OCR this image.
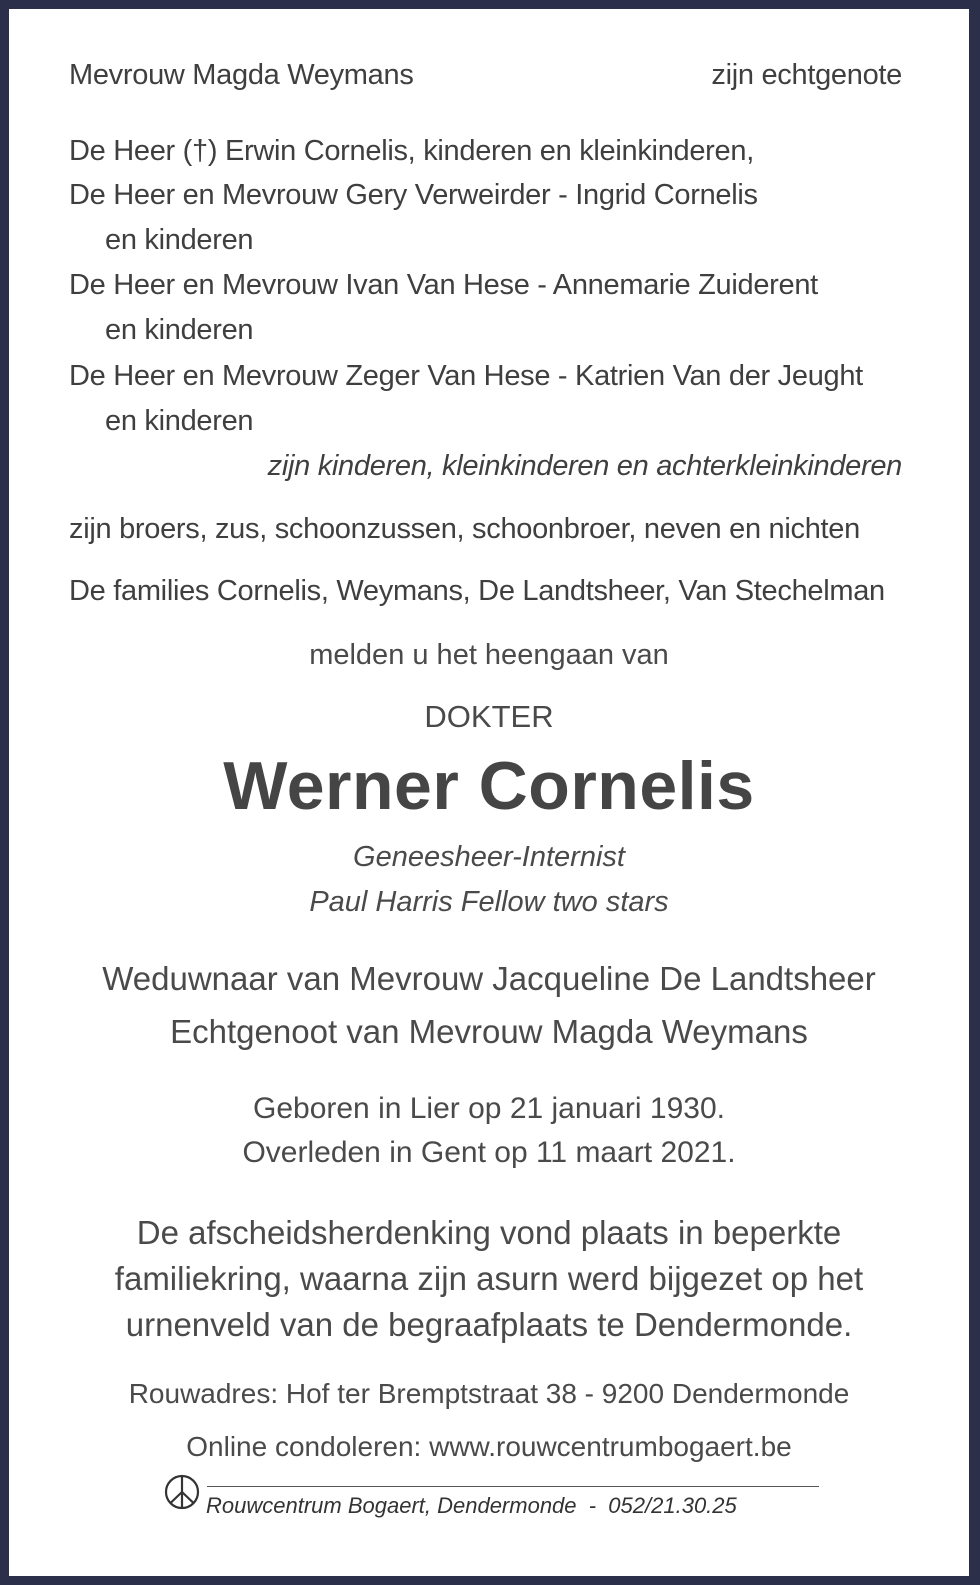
Mevrouw Magda Weymans	zijn echtgenote
De Heer (†) Erwin Cornelis, kinderen en kleinkinderen,
De Heer en Mevrouw Gery Verweirder - Ingrid Cornelis
en kinderen
De Heer en Mevrouw Ivan Van Hese - Annemarie Zuiderent
en kinderen
De Heer en Mevrouw Zeger Van Hese - Katrien Van der Jeught
en kinderen
zijn kinderen, kleinkinderen en achterkleinkinderen
zijn broers, zus, schoonzussen, schoonbroer, neven en nichten
De families Cornelis, Weymans, De Landtsheer, Van Stechelman
melden u het heengaan van
DOKTER
Werner Cornelis
Geneesheer-Internist
Paul Harris Fellow two stars
Weduwnaar van Mevrouw Jacqueline De Landtsheer
Echtgenoot van Mevrouw Magda Weymans
Geboren in Lier op 21 januari 1930.
Overleden in Gent op 11 maart 2021.
De afscheidsherdenking vond plaats in beperkte
familiekring, waarna zijn asurn werd bijgezet op het
urnenveld van de begraafplaats te Dendermonde.
Rouwadres: Hof ter Bremptstraat 38 - 9200 Dendermonde
Online condoleren: www.rouwcentrumbogaert.be
Rouwcentrum Bogaert, Dendermonde  -  052/21.30.25
